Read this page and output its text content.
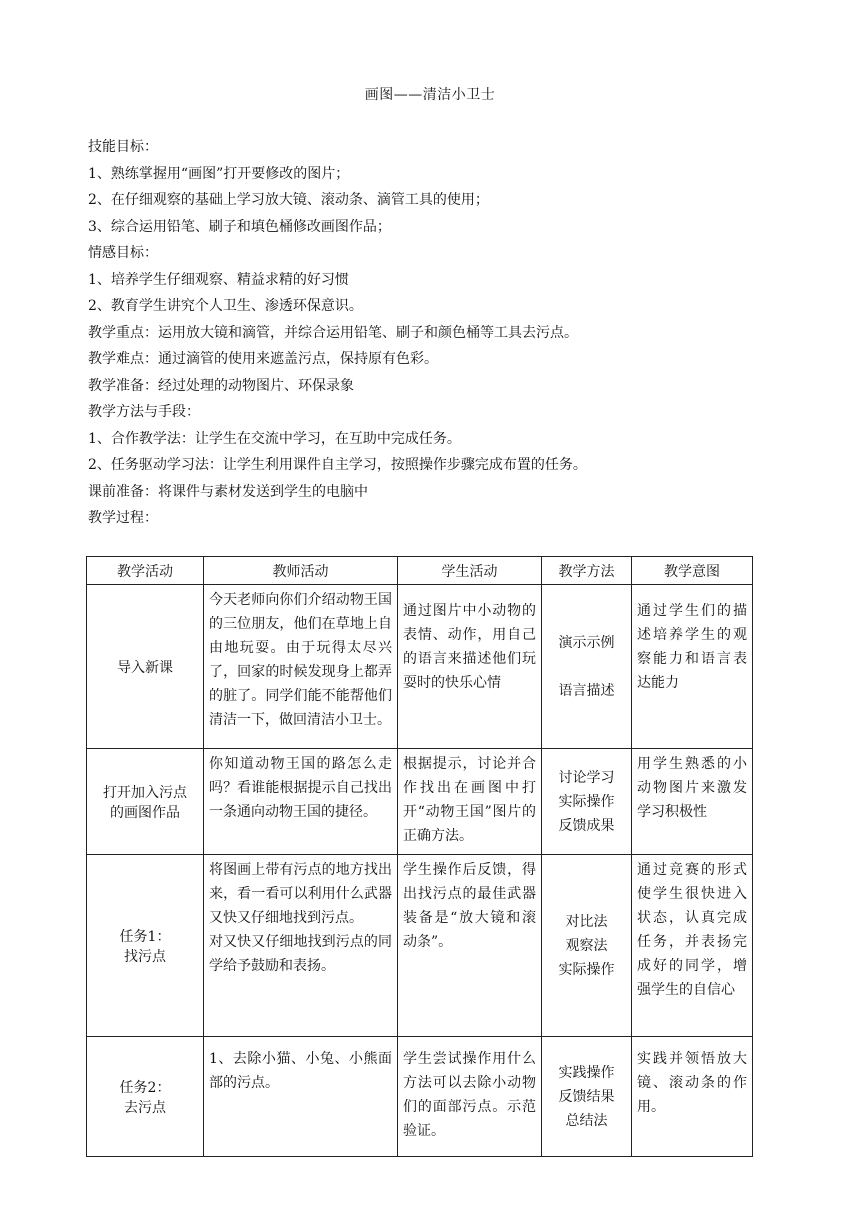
画图——清洁小卫士
技能目标：
1、熟练掌握用“画图”打开要修改的图片；
2、在仔细观察的基础上学习放大镜、滚动条、滴管工具的使用；
3、综合运用铅笔、刷子和填色桶修改画图作品；
情感目标：
1、培养学生仔细观察、精益求精的好习惯
2、教育学生讲究个人卫生、渗透环保意识。
教学重点：运用放大镜和滴管，并综合运用铅笔、刷子和颜色桶等工具去污点。
教学难点：通过滴管的使用来遮盖污点，保持原有色彩。
教学准备：经过处理的动物图片、环保录象
教学方法与手段：
1、合作教学法：让学生在交流中学习，在互助中完成任务。
2、任务驱动学习法：让学生利用课件自主学习，按照操作步骤完成布置的任务。
课前准备：将课件与素材发送到学生的电脑中
教学过程：
教学活动	教师活动	学生活动	教学方法	教学意图

导入新课	今天老师向你们介绍动物王国的三位朋友，他们在草地上自由地玩耍。由于玩得太尽兴了，回家的时候发现身上都弄的脏了。同学们能不能帮他们清洁一下，做回清洁小卫士。	通过图片中小动物的表情、动作，用自己的语言来描述他们玩耍时的快乐心情	演示示例
语言描述	通过学生们的描述培养学生的观察能力和语言表达能力

打开加入污点
的画图作品	你知道动物王国的路怎么走吗？看谁能根据提示自己找出一条通向动物王国的捷径。	根据提示，讨论并合作找出在画图中打开“动物王国”图片的正确方法。	讨论学习
实际操作
反馈成果	用学生熟悉的小动物图片来激发学习积极性

任务1：
找污点	将图画上带有污点的地方找出来，看一看可以利用什么武器又快又仔细地找到污点。
对又快又仔细地找到污点的同学给予鼓励和表扬。	学生操作后反馈，得出找污点的最佳武器装备是“放大镜和滚动条”。	对比法
观察法
实际操作	通过竞赛的形式使学生很快进入状态，认真完成任务，并表扬完成好的同学，增强学生的自信心

任务2：
去污点	1、去除小猫、小兔、小熊面部的污点。	学生尝试操作用什么方法可以去除小动物们的面部污点。示范验证。	实践操作
反馈结果
总结法	实践并领悟放大镜、滚动条的作用。
